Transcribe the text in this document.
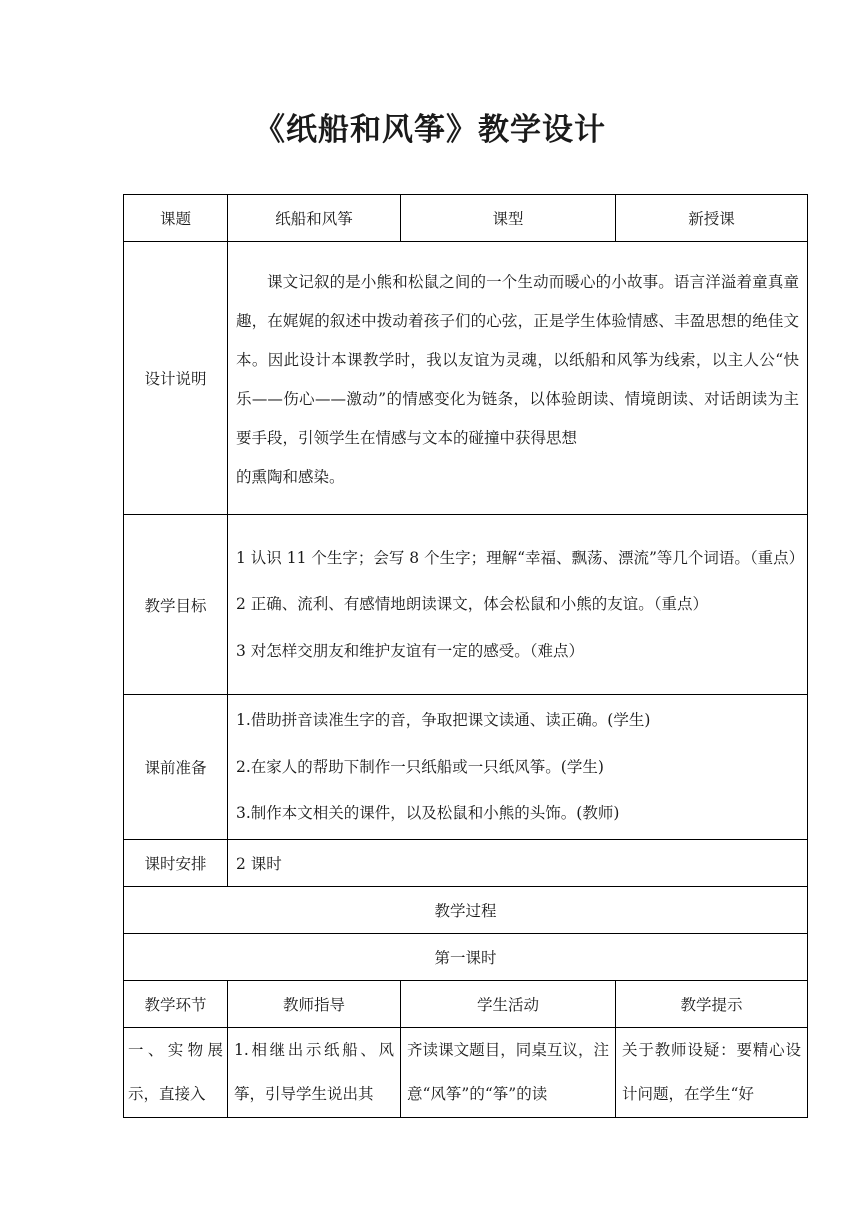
《纸船和风筝》教学设计
课题	纸船和风筝	课型	新授课
设计说明	课文记叙的是小熊和松鼠之间的一个生动而暖心的小故事。语言洋溢着童真童趣，在娓娓的叙述中拨动着孩子们的心弦，正是学生体验情感、丰盈思想的绝佳文本。因此设计本课教学时，我以友谊为灵魂，以纸船和风筝为线索，以主人公“快乐——伤心——激动”的情感变化为链条，以体验朗读、情境朗读、对话朗读为主要手段，引领学生在情感与文本的碰撞中获得思想

的熏陶和感染。		

教学目标	1 认识 11 个生字；会写 8 个生字；理解“幸福、飘荡、漂流”等几个词语。（重点）

2 正确、流利、有感情地朗读课文，体会松鼠和小熊的友谊。（重点）

3 对怎样交朋友和维护友谊有一定的感受。（难点）		

课前准备	1.借助拼音读准生字的音，争取把课文读通、读正确。(学生)

2.在家人的帮助下制作一只纸船或一只纸风筝。(学生)

3.制作本文相关的课件，以及松鼠和小熊的头饰。(教师)		

课时安排	2 课时		
教学过程			
第一课时			
教学环节	教师指导	学生活动	教学提示

一、实物展示，直接入	1.相继出示纸船、风筝，引导学生说出其	齐读课文题目，同桌互议，注意“风筝”的“筝”的读	关于教师设疑：要精心设计问题，在学生“好
